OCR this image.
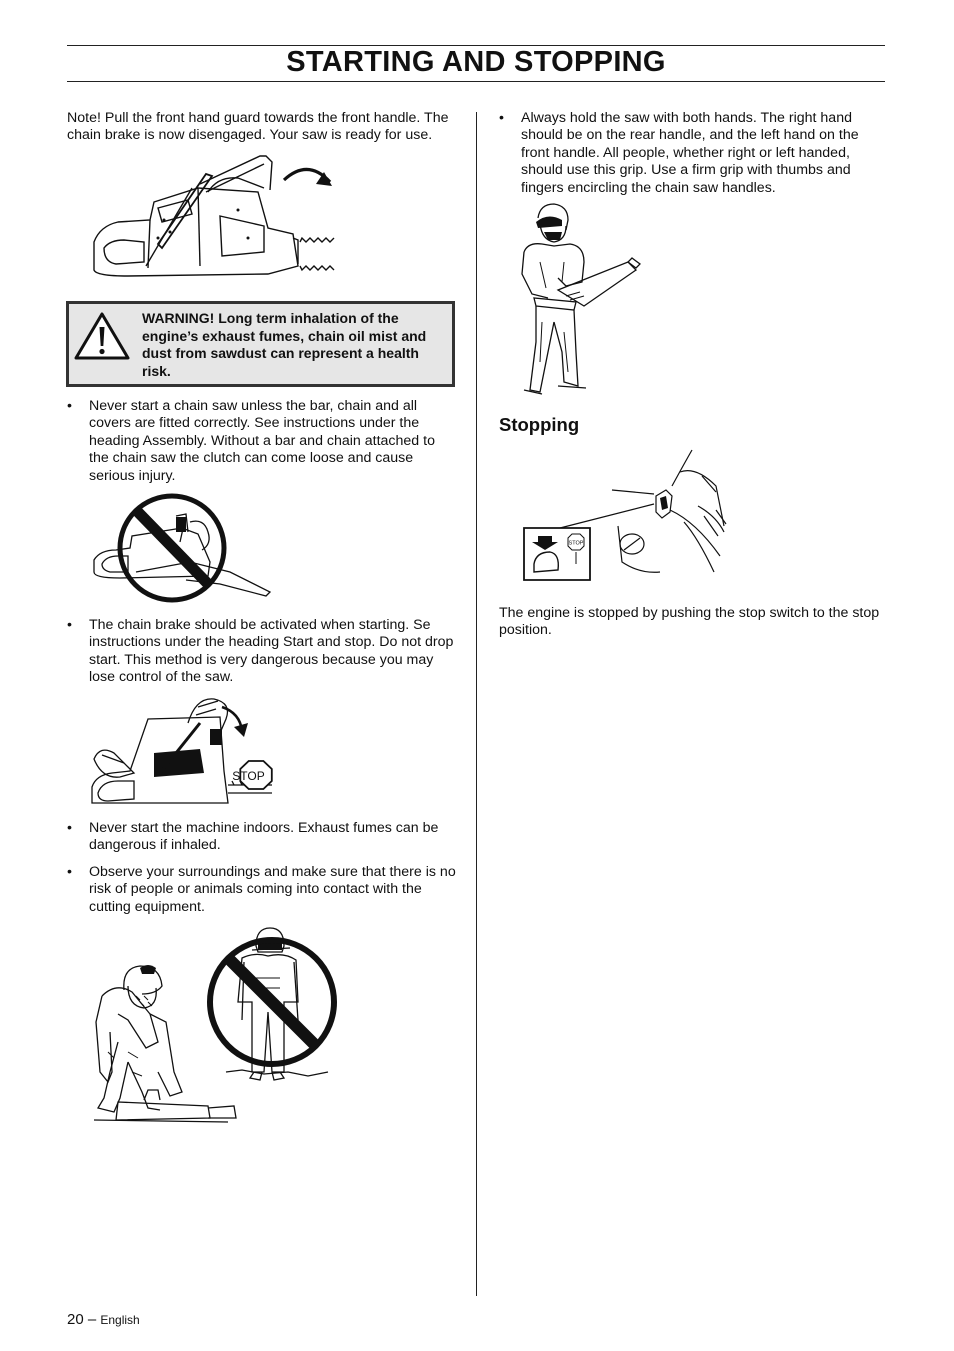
STARTING AND STOPPING

Note! Pull the front hand guard towards the front handle. The chain brake is now disengaged. Your saw is ready for use.

WARNING! Long term inhalation of the engine’s exhaust fumes, chain oil mist and dust from sawdust can represent a health risk.
• Never start a chain saw unless the bar, chain and all covers are fitted correctly. See instructions under the heading Assembly. Without a bar and chain attached to the chain saw the clutch can come loose and cause serious injury.
• The chain brake should be activated when starting. Se instructions under the heading Start and stop. Do not drop start. This method is very dangerous because you may lose control of the saw.
STOP
• Never start the machine indoors. Exhaust fumes can be dangerous if inhaled.
• Observe your surroundings and make sure that there is no risk of people or animals coming into contact with the cutting equipment.
• Always hold the saw with both hands. The right hand should be on the rear handle, and the left hand on the front handle. All people, whether right or left handed, should use this grip. Use a firm grip with thumbs and fingers encircling the chain saw handles.
Stopping
STOP

The engine is stopped by pushing the stop switch to the stop position.

20 – English
